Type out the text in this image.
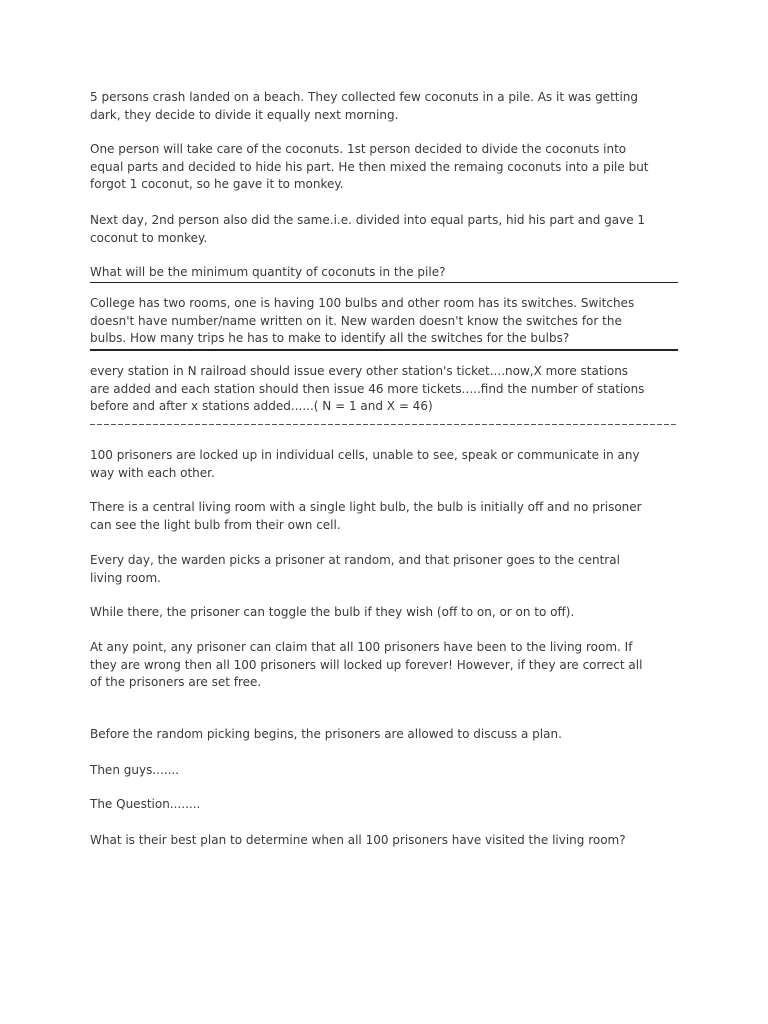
5 persons crash landed on a beach. They collected few coconuts in a pile. As it was getting
dark, they decide to divide it equally next morning.
One person will take care of the coconuts. 1st person decided to divide the coconuts into
equal parts and decided to hide his part. He then mixed the remaing coconuts into a pile but
forgot 1 coconut, so he gave it to monkey.
Next day, 2nd person also did the same.i.e. divided into equal parts, hid his part and gave 1
coconut to monkey.
What will be the minimum quantity of coconuts in the pile?
College has two rooms, one is having 100 bulbs and other room has its switches. Switches
doesn't have number/name written on it. New warden doesn't know the switches for the
bulbs. How many trips he has to make to identify all the switches for the bulbs?
every station in N railroad should issue every other station's ticket....now,X more stations
are added and each station should then issue 46 more tickets.....find the number of stations
before and after x stations added......( N = 1 and X = 46)
100 prisoners are locked up in individual cells, unable to see, speak or communicate in any
way with each other.
There is a central living room with a single light bulb, the bulb is initially off and no prisoner
can see the light bulb from their own cell.
Every day, the warden picks a prisoner at random, and that prisoner goes to the central
living room.
While there, the prisoner can toggle the bulb if they wish (off to on, or on to off).
At any point, any prisoner can claim that all 100 prisoners have been to the living room. If
they are wrong then all 100 prisoners will locked up forever! However, if they are correct all
of the prisoners are set free.
Before the random picking begins, the prisoners are allowed to discuss a plan.
Then guys.......
The Question........
What is their best plan to determine when all 100 prisoners have visited the living room?
